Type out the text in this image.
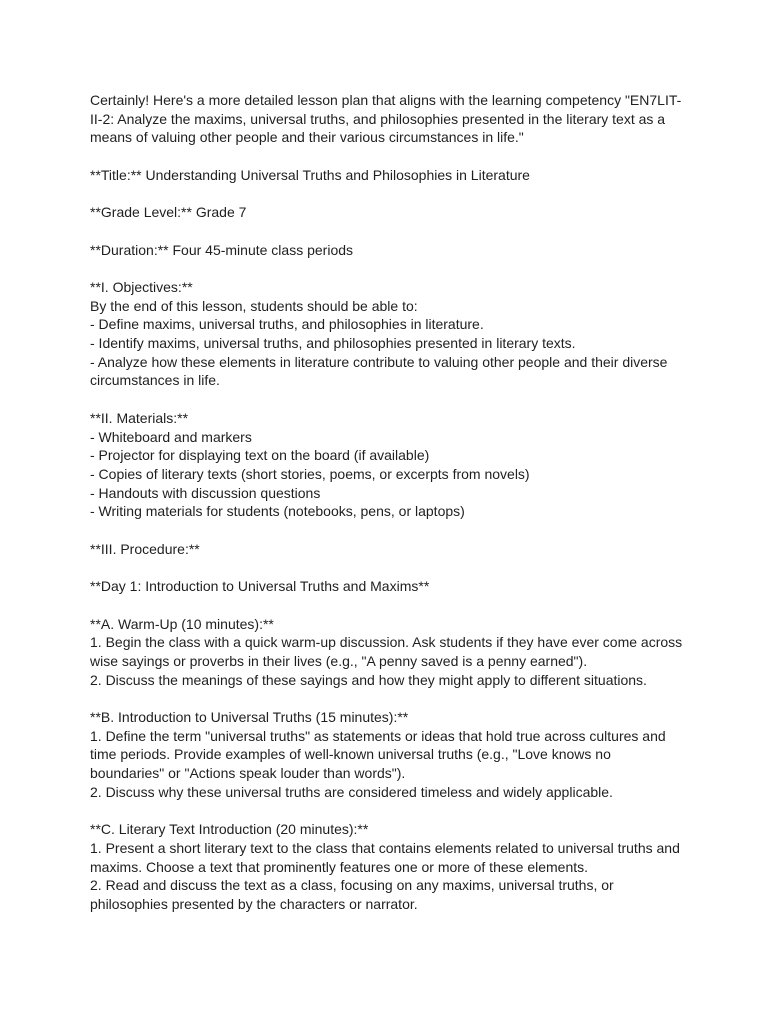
Certainly! Here's a more detailed lesson plan that aligns with the learning competency "EN7LIT-
II-2: Analyze the maxims, universal truths, and philosophies presented in the literary text as a
means of valuing other people and their various circumstances in life."
**Title:** Understanding Universal Truths and Philosophies in Literature
**Grade Level:** Grade 7
**Duration:** Four 45-minute class periods
**I. Objectives:**
By the end of this lesson, students should be able to:
- Define maxims, universal truths, and philosophies in literature.
- Identify maxims, universal truths, and philosophies presented in literary texts.
- Analyze how these elements in literature contribute to valuing other people and their diverse
circumstances in life.
**II. Materials:**
- Whiteboard and markers
- Projector for displaying text on the board (if available)
- Copies of literary texts (short stories, poems, or excerpts from novels)
- Handouts with discussion questions
- Writing materials for students (notebooks, pens, or laptops)
**III. Procedure:**
**Day 1: Introduction to Universal Truths and Maxims**
**A. Warm-Up (10 minutes):**
1. Begin the class with a quick warm-up discussion. Ask students if they have ever come across
wise sayings or proverbs in their lives (e.g., "A penny saved is a penny earned").
2. Discuss the meanings of these sayings and how they might apply to different situations.
**B. Introduction to Universal Truths (15 minutes):**
1. Define the term "universal truths" as statements or ideas that hold true across cultures and
time periods. Provide examples of well-known universal truths (e.g., "Love knows no
boundaries" or "Actions speak louder than words").
2. Discuss why these universal truths are considered timeless and widely applicable.
**C. Literary Text Introduction (20 minutes):**
1. Present a short literary text to the class that contains elements related to universal truths and
maxims. Choose a text that prominently features one or more of these elements.
2. Read and discuss the text as a class, focusing on any maxims, universal truths, or
philosophies presented by the characters or narrator.
